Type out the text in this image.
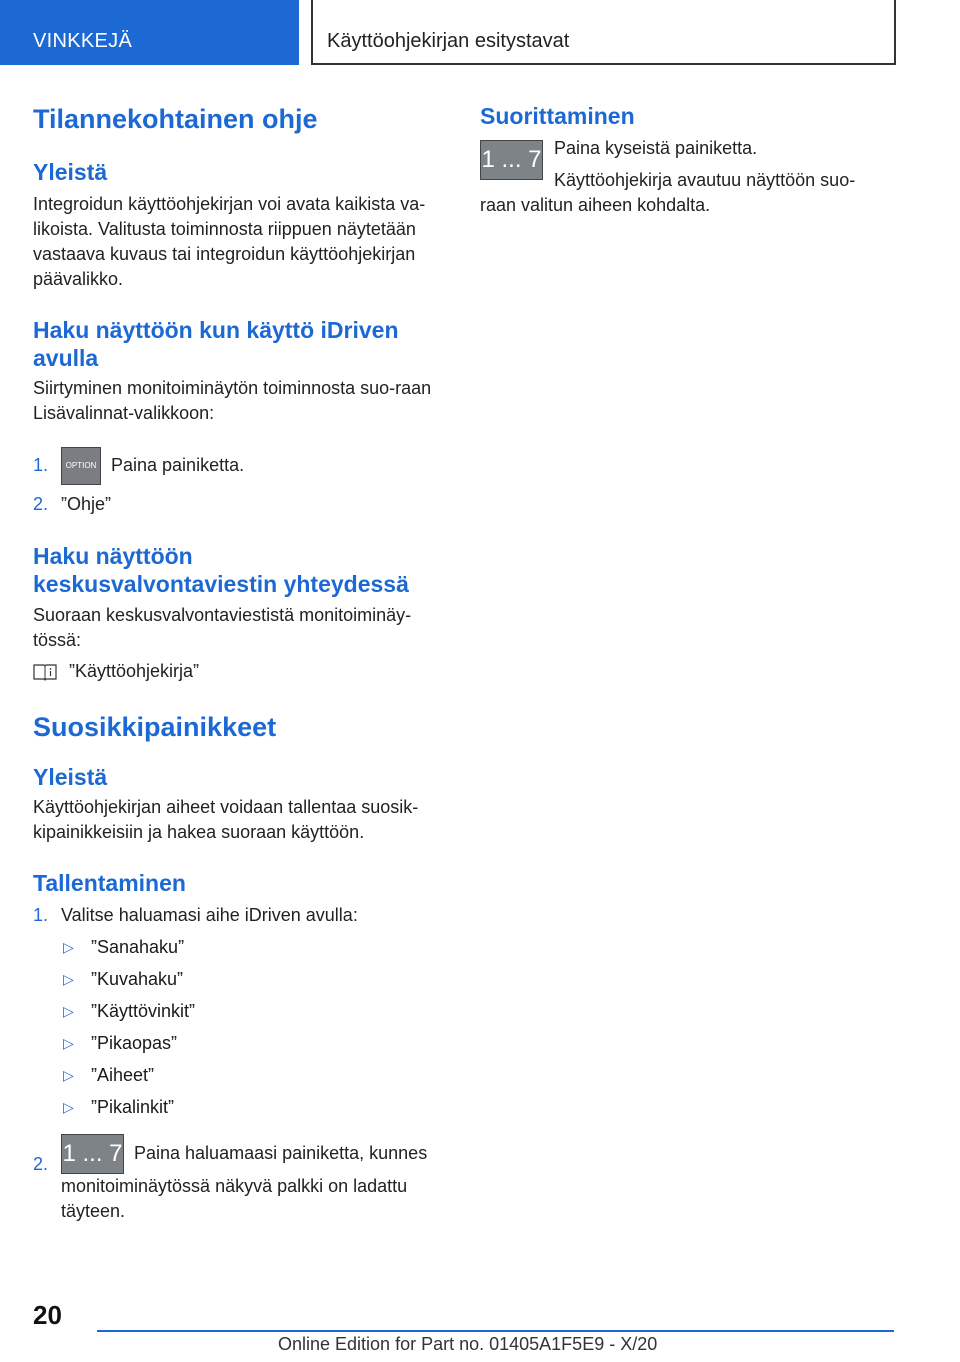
VINKKEJÄ	Käyttöohjekirjan esitystavat
Tilannekohtainen ohje
Yleistä

Integroidun käyttöohjekirjan voi avata kaikista va-likoista. Valitusta toiminnosta riippuen näytetään vastaava kuvaus tai integroidun käyttöohjekirjan päävalikko.

Haku näyttöön kun käyttö iDriven avulla

Siirtyminen monitoiminäytön toiminnosta suo-raan Lisävalinnat-valikkoon:

1. OPTION Paina painiketta.
2. ”Ohje”
Haku näyttöön keskusvalvontaviestin yhteydessä

Suoraan keskusvalvontaviestistä monitoiminäy-tössä:

”Käyttöohjekirja”

Suosikkipainikkeet
Yleistä

Käyttöohjekirjan aiheet voidaan tallentaa suosik-kipainikkeisiin ja hakea suoraan käyttöön.

Tallentaminen
1. Valitse haluamasi aihe iDriven avulla:
▷ ”Sanahaku”
▷ ”Kuvahaku”
▷ ”Käyttövinkit”
▷ ”Pikaopas”
▷ ”Aiheet”
▷ ”Pikalinkit”
2. 1 ... 7 Paina haluamaasi painiketta, kunnes monitoiminäytössä näkyvä palkki on ladattu täyteen.
Suorittaminen
1 ... 7 Paina kyseistä painiketta.

Käyttöohjekirja avautuu näyttöön suo-raan valitun aiheen kohdalta.

20
Online Edition for Part no. 01405A1F5E9 - X/20
